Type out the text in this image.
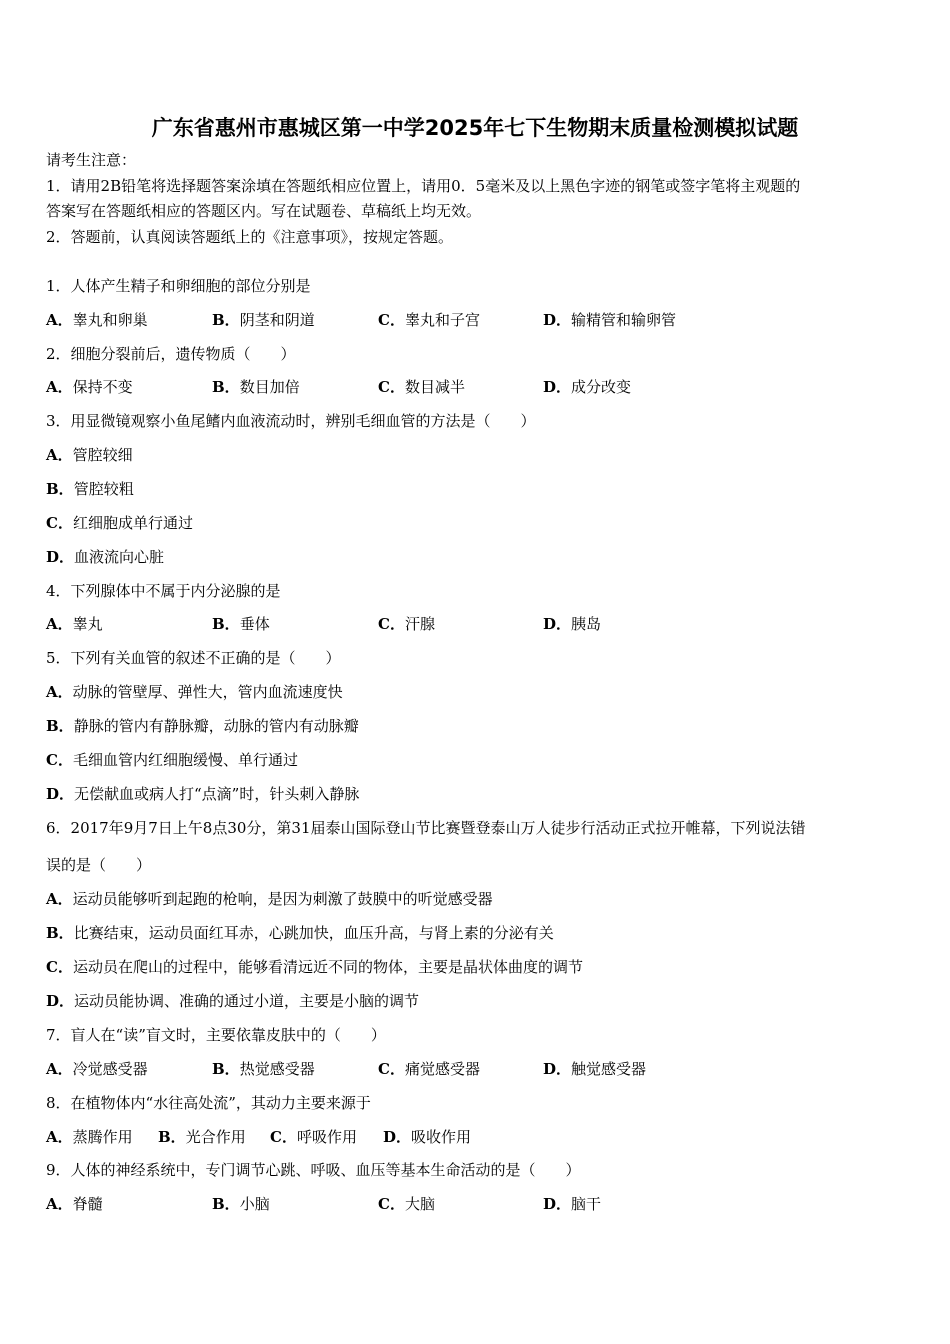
广东省惠州市惠城区第一中学2025年七下生物期末质量检测模拟试题
请考生注意：
1．请用2B铅笔将选择题答案涂填在答题纸相应位置上，请用0．5毫米及以上黑色字迹的钢笔或签字笔将主观题的
答案写在答题纸相应的答题区内。写在试题卷、草稿纸上均无效。
2．答题前，认真阅读答题纸上的《注意事项》，按规定答题。
1．人体产生精子和卵细胞的部位分别是
A．睾丸和卵巢	B．阴茎和阴道	C．睾丸和子宫	D．输精管和输卵管
2．细胞分裂前后，遗传物质（　　）
A．保持不变	B．数目加倍	C．数目减半	D．成分改变
3．用显微镜观察小鱼尾鳍内血液流动时，辨别毛细血管的方法是（　　）
A．管腔较细
B．管腔较粗
C．红细胞成单行通过
D．血液流向心脏
4．下列腺体中不属于内分泌腺的是
A．睾丸	B．垂体	C．汗腺	D．胰岛
5．下列有关血管的叙述不正确的是（　　）
A．动脉的管壁厚、弹性大，管内血流速度快
B．静脉的管内有静脉瓣，动脉的管内有动脉瓣
C．毛细血管内红细胞缓慢、单行通过
D．无偿献血或病人打“点滴”时，针头刺入静脉
6．2017年9月7日上午8点30分，第31届泰山国际登山节比赛暨登泰山万人徒步行活动正式拉开帷幕，下列说法错
误的是（　　）
A．运动员能够听到起跑的枪响，是因为刺激了鼓膜中的听觉感受器
B．比赛结束，运动员面红耳赤，心跳加快，血压升高，与肾上素的分泌有关
C．运动员在爬山的过程中，能够看清远近不同的物体，主要是晶状体曲度的调节
D．运动员能协调、准确的通过小道，主要是小脑的调节
7．盲人在“读”盲文时，主要依靠皮肤中的（　　）
A．冷觉感受器	B．热觉感受器	C．痛觉感受器	D．触觉感受器
8．在植物体内“水往高处流”，其动力主要来源于
A．蒸腾作用 B．光合作用 C．呼吸作用 D．吸收作用
9．人体的神经系统中，专门调节心跳、呼吸、血压等基本生命活动的是（　　）
A．脊髓	B．小脑	C．大脑	D．脑干
